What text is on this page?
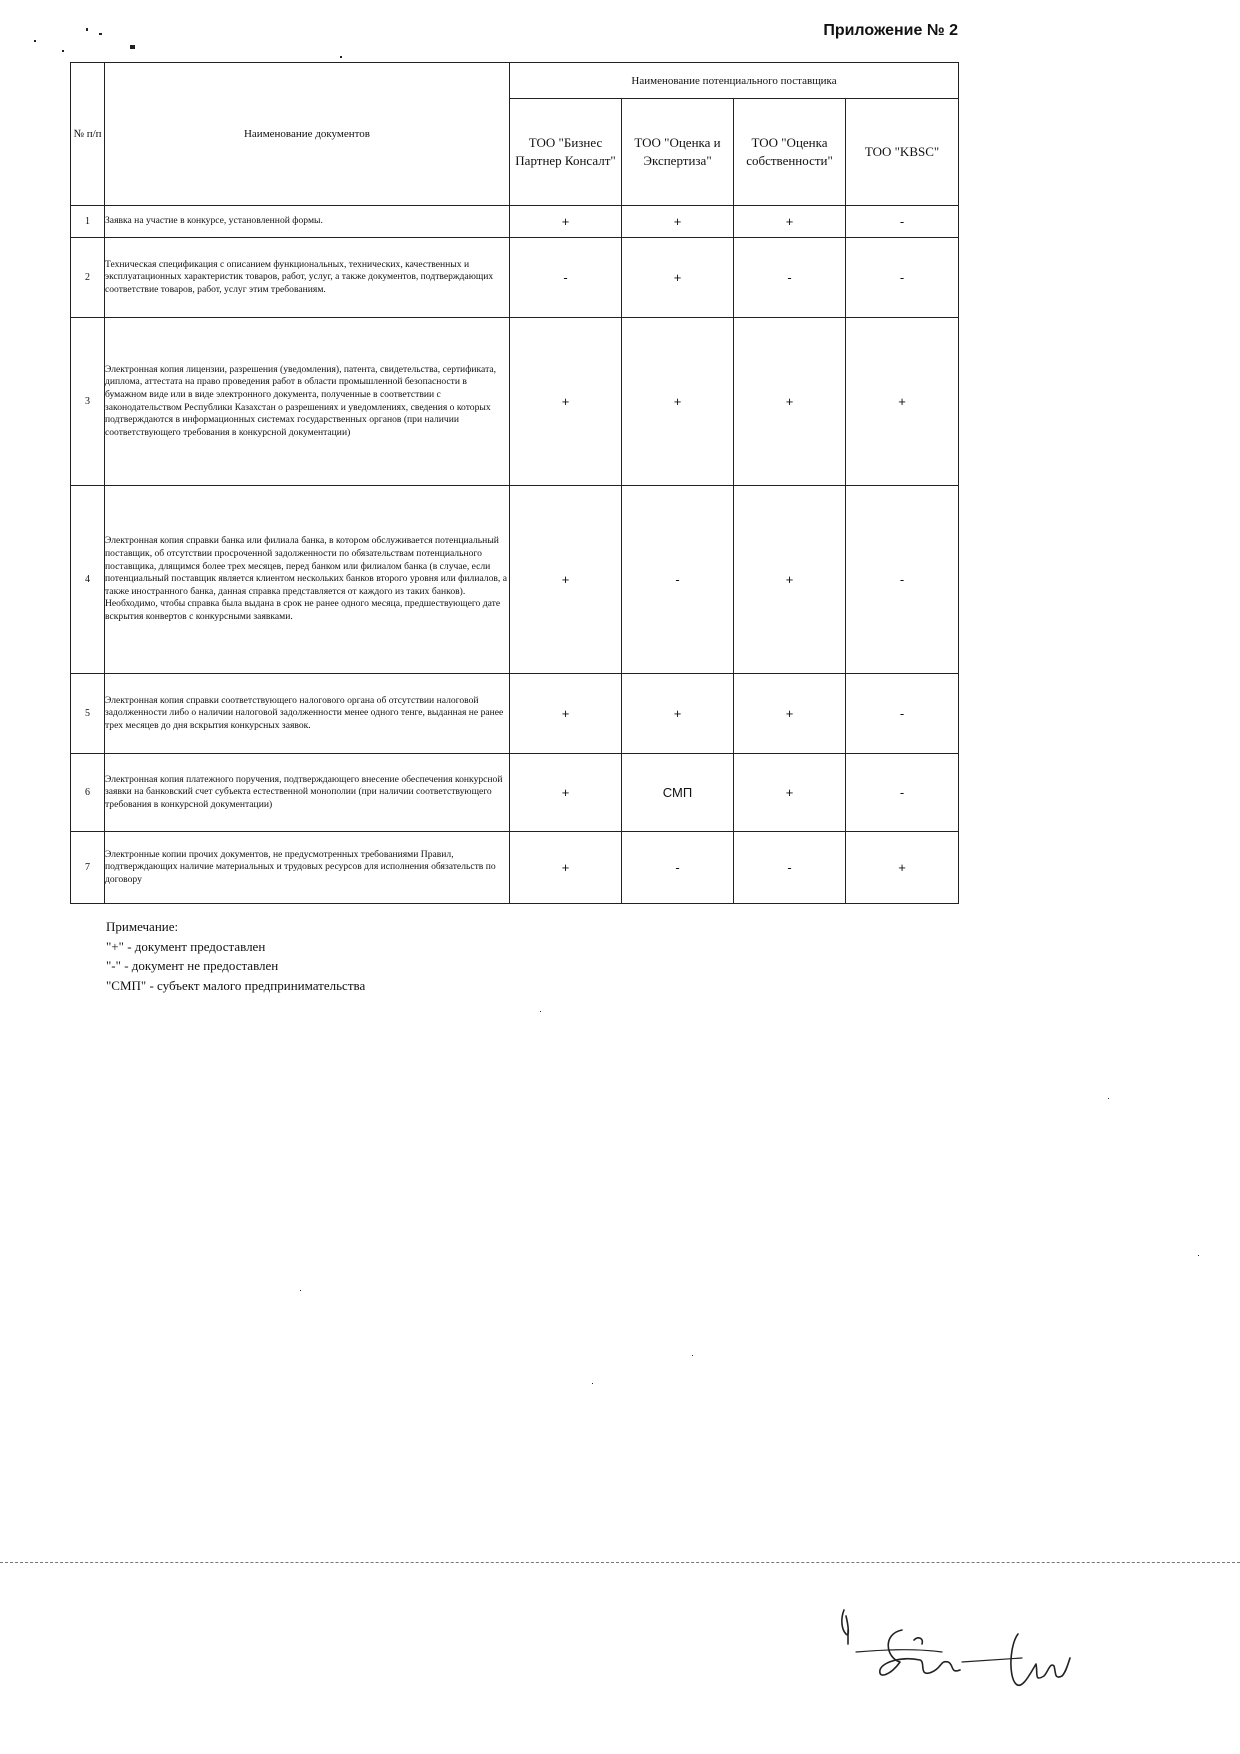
Приложение № 2
№ п/п	Наименование документов	Наименование потенциального поставщика			
		ТОО "Бизнес Партнер Консалт"	ТОО "Оценка и Экспертиза"	ТОО "Оценка собственности"	ТОО "KBSC"
1	Заявка на участие в конкурсе, установленной формы.	+	+	+	-
2	Техническая спецификация с описанием функциональных, технических, качественных и эксплуатационных характеристик товаров, работ, услуг, а также документов, подтверждающих соответствие товаров, работ, услуг этим требованиям.	-	+	-	-
3	Электронная копия лицензии, разрешения (уведомления), патента, свидетельства, сертификата, диплома, аттестата на право проведения работ в области промышленной безопасности в бумажном виде или в виде электронного документа, полученные в соответствии с законодательством Республики Казахстан о разрешениях и уведомлениях, сведения о которых подтверждаются в информационных системах государственных органов (при наличии соответствующего требования в конкурсной документации)	+	+	+	+
4	Электронная копия справки банка или филиала банка, в котором обслуживается потенциальный поставщик, об отсутствии просроченной задолженности по обязательствам потенциального поставщика, длящимся более трех месяцев, перед банком или филиалом банка (в случае, если потенциальный поставщик является клиентом нескольких банков второго уровня или филиалов, а также иностранного банка, данная справка представляется от каждого из таких банков). Необходимо, чтобы справка была выдана в срок не ранее одного месяца, предшествующего дате вскрытия конвертов с конкурсными заявками.	+	-	+	-
5	Электронная копия справки соответствующего налогового органа об отсутствии налоговой задолженности либо о наличии налоговой задолженности менее одного тенге, выданная не ранее трех месяцев до дня вскрытия конкурсных заявок.	+	+	+	-
6	Электронная копия платежного поручения, подтверждающего внесение обеспечения конкурсной заявки на банковский счет субъекта естественной монополии (при наличии соответствующего требования в конкурсной документации)	+	СМП	+	-
7	Электронные копии прочих документов, не предусмотренных требованиями Правил, подтверждающих наличие материальных и трудовых ресурсов для исполнения обязательств по договору	+	-	-	+
Примечание:
"+" - документ предоставлен
"-" - документ не предоставлен
"СМП" - субъект малого предпринимательства
